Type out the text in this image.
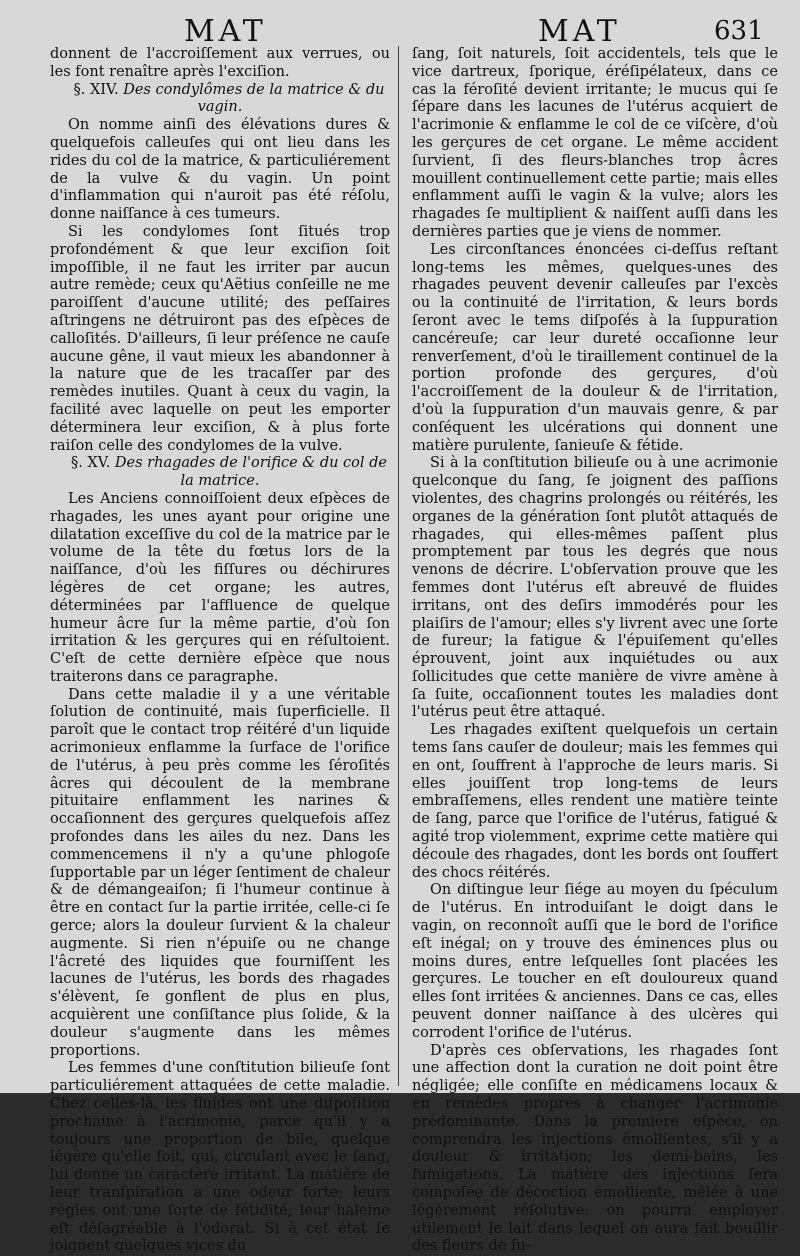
MAT	MAT	631

donnent de l'accroiſſement aux verrues, ou les font renaître après l'exciſion.

§. XIV. Des condylômes de la matrice & du vagin.

On nomme ainſi des élévations dures & quelquefois calleuſes qui ont lieu dans les rides du col de la matrice, & particuliérement de la vulve & du vagin. Un point d'inflammation qui n'auroit pas été réſolu, donne naiſſance à ces tumeurs.

Si les condylomes ſont ſitués trop profondément & que leur exciſion ſoit impoſſible, il ne faut les irriter par aucun autre remède; ceux qu'Aëtius conſeille ne me paroiſſent d'aucune utilité; des peſſaires aſtringens ne détruiront pas des eſpèces de calloſités. D'ailleurs, ſi leur préſence ne cauſe aucune gêne, il vaut mieux les abandonner à la nature que de les tracaſſer par des remèdes inutiles. Quant à ceux du vagin, la facilité avec laquelle on peut les emporter déterminera leur exciſion, & à plus forte raiſon celle des condylomes de la vulve.

§. XV. Des rhagades de l'orifice & du col de la matrice.

Les Anciens connoiſſoient deux eſpèces de rhagades, les unes ayant pour origine une dilatation exceſſive du col de la matrice par le volume de la tête du fœtus lors de la naiſſance, d'où les fiſſures ou déchirures légères de cet organe; les autres, déterminées par l'affluence de quelque humeur âcre ſur la même partie, d'où ſon irritation & les gerçures qui en réſultoient. C'eſt de cette dernière eſpèce que nous traiterons dans ce paragraphe.

Dans cette maladie il y a une véritable ſolution de continuité, mais ſuperficielle. Il paroît que le contact trop réitéré d'un liquide acrimonieux enflamme la ſurface de l'orifice de l'utérus, à peu près comme les ſéroſités âcres qui découlent de la membrane pituitaire enflamment les narines & occaſionnent des gerçures quelquefois aſſez profondes dans les ailes du nez. Dans les commencemens il n'y a qu'une phlogoſe ſupportable par un léger ſentiment de chaleur & de démangeaiſon; ſi l'humeur continue à être en contact ſur la partie irritée, celle-ci ſe gerce; alors la douleur ſurvient & la chaleur augmente. Si rien n'épuiſe ou ne change l'âcreté des liquides que fourniſſent les lacunes de l'utérus, les bords des rhagades s'élèvent, ſe gonflent de plus en plus, acquièrent une conſiſtance plus ſolide, & la douleur s'augmente dans les mêmes proportions.

Les femmes d'une conſtitution bilieuſe ſont particuliérement attaquées de cette maladie. Chez celles-là, les fluides ont une diſpoſition prochaine à l'acrimonie, parce qu'il y a toujours une proportion de bile, quelque légère qu'elle ſoit, qui, circulant avec le ſang, lui donne un caractère irritant. La matière de leur tranſpiration a une odeur forte; leurs règles ont une ſorte de fétidité; leur haleine eſt déſagréable à l'odorat. Si à cet état ſe joignent quelques vices du

ſang, ſoit naturels, ſoit accidentels, tels que le vice dartreux, ſporique, éréſipélateux, dans ce cas la féroſité devient irritante; le mucus qui ſe ſépare dans les lacunes de l'utérus acquiert de l'acrimonie & enflamme le col de ce viſcère, d'où les gerçures de cet organe. Le même accident ſurvient, ſi des fleurs-blanches trop âcres mouillent continuellement cette partie; mais elles enflamment auſſi le vagin & la vulve; alors les rhagades ſe multiplient & naiſſent auſſi dans les dernières parties que je viens de nommer.

Les circonſtances énoncées ci-deſſus reſtant long-tems les mêmes, quelques-unes des rhagades peuvent devenir calleuſes par l'excès ou la continuité de l'irritation, & leurs bords ſeront avec le tems diſpoſés à la ſuppuration cancéreuſe; car leur dureté occaſionne leur renverſement, d'où le tiraillement continuel de la portion profonde des gerçures, d'où l'accroiſſement de la douleur & de l'irritation, d'où la ſuppuration d'un mauvais genre, & par conſéquent les ulcérations qui donnent une matière purulente, ſanieuſe & fétide.

Si à la conſtitution bilieuſe ou à une acrimonie quelconque du ſang, ſe joignent des paſſions violentes, des chagrins prolongés ou réitérés, les organes de la génération ſont plutôt attaqués de rhagades, qui elles-mêmes paſſent plus promptement par tous les degrés que nous venons de décrire. L'obſervation prouve que les femmes dont l'utérus eſt abreuvé de fluides irritans, ont des deſirs immodérés pour les plaiſirs de l'amour; elles s'y livrent avec une ſorte de fureur; la fatigue & l'épuiſement qu'elles éprouvent, joint aux inquiétudes ou aux ſollicitudes que cette manière de vivre amène à ſa ſuite, occaſionnent toutes les maladies dont l'utérus peut être attaqué.

Les rhagades exiſtent quelquefois un certain tems ſans cauſer de douleur; mais les femmes qui en ont, ſouffrent à l'approche de leurs maris. Si elles jouiſſent trop long-tems de leurs embraſſemens, elles rendent une matière teinte de ſang, parce que l'orifice de l'utérus, fatigué & agité trop violemment, exprime cette matière qui découle des rhagades, dont les bords ont ſouffert des chocs réitérés.

On diſtingue leur ſiége au moyen du ſpéculum de l'utérus. En introduiſant le doigt dans le vagin, on reconnoît auſſi que le bord de l'orifice eſt inégal; on y trouve des éminences plus ou moins dures, entre leſquelles ſont placées les gerçures. Le toucher en eſt douloureux quand elles ſont irritées & anciennes. Dans ce cas, elles peuvent donner naiſſance à des ulcères qui corrodent l'orifice de l'utérus.

D'après ces obſervations, les rhagades ſont une affection dont la curation ne doit point être négligée; elle conſiſte en médicamens locaux & en remèdes propres à changer l'acrimonie prédominante. Dans la première eſpèce, on comprendra les injections émollientes, s'il y a douleur & irritation; les demi-bains, les fumigations. La matière des injections ſera compoſée de décoction émolliente, mêlée à une légèrement réſolutive: on pourra employer utilement le lait dans lequel on aura fait bouillir des fleurs de ſu-
